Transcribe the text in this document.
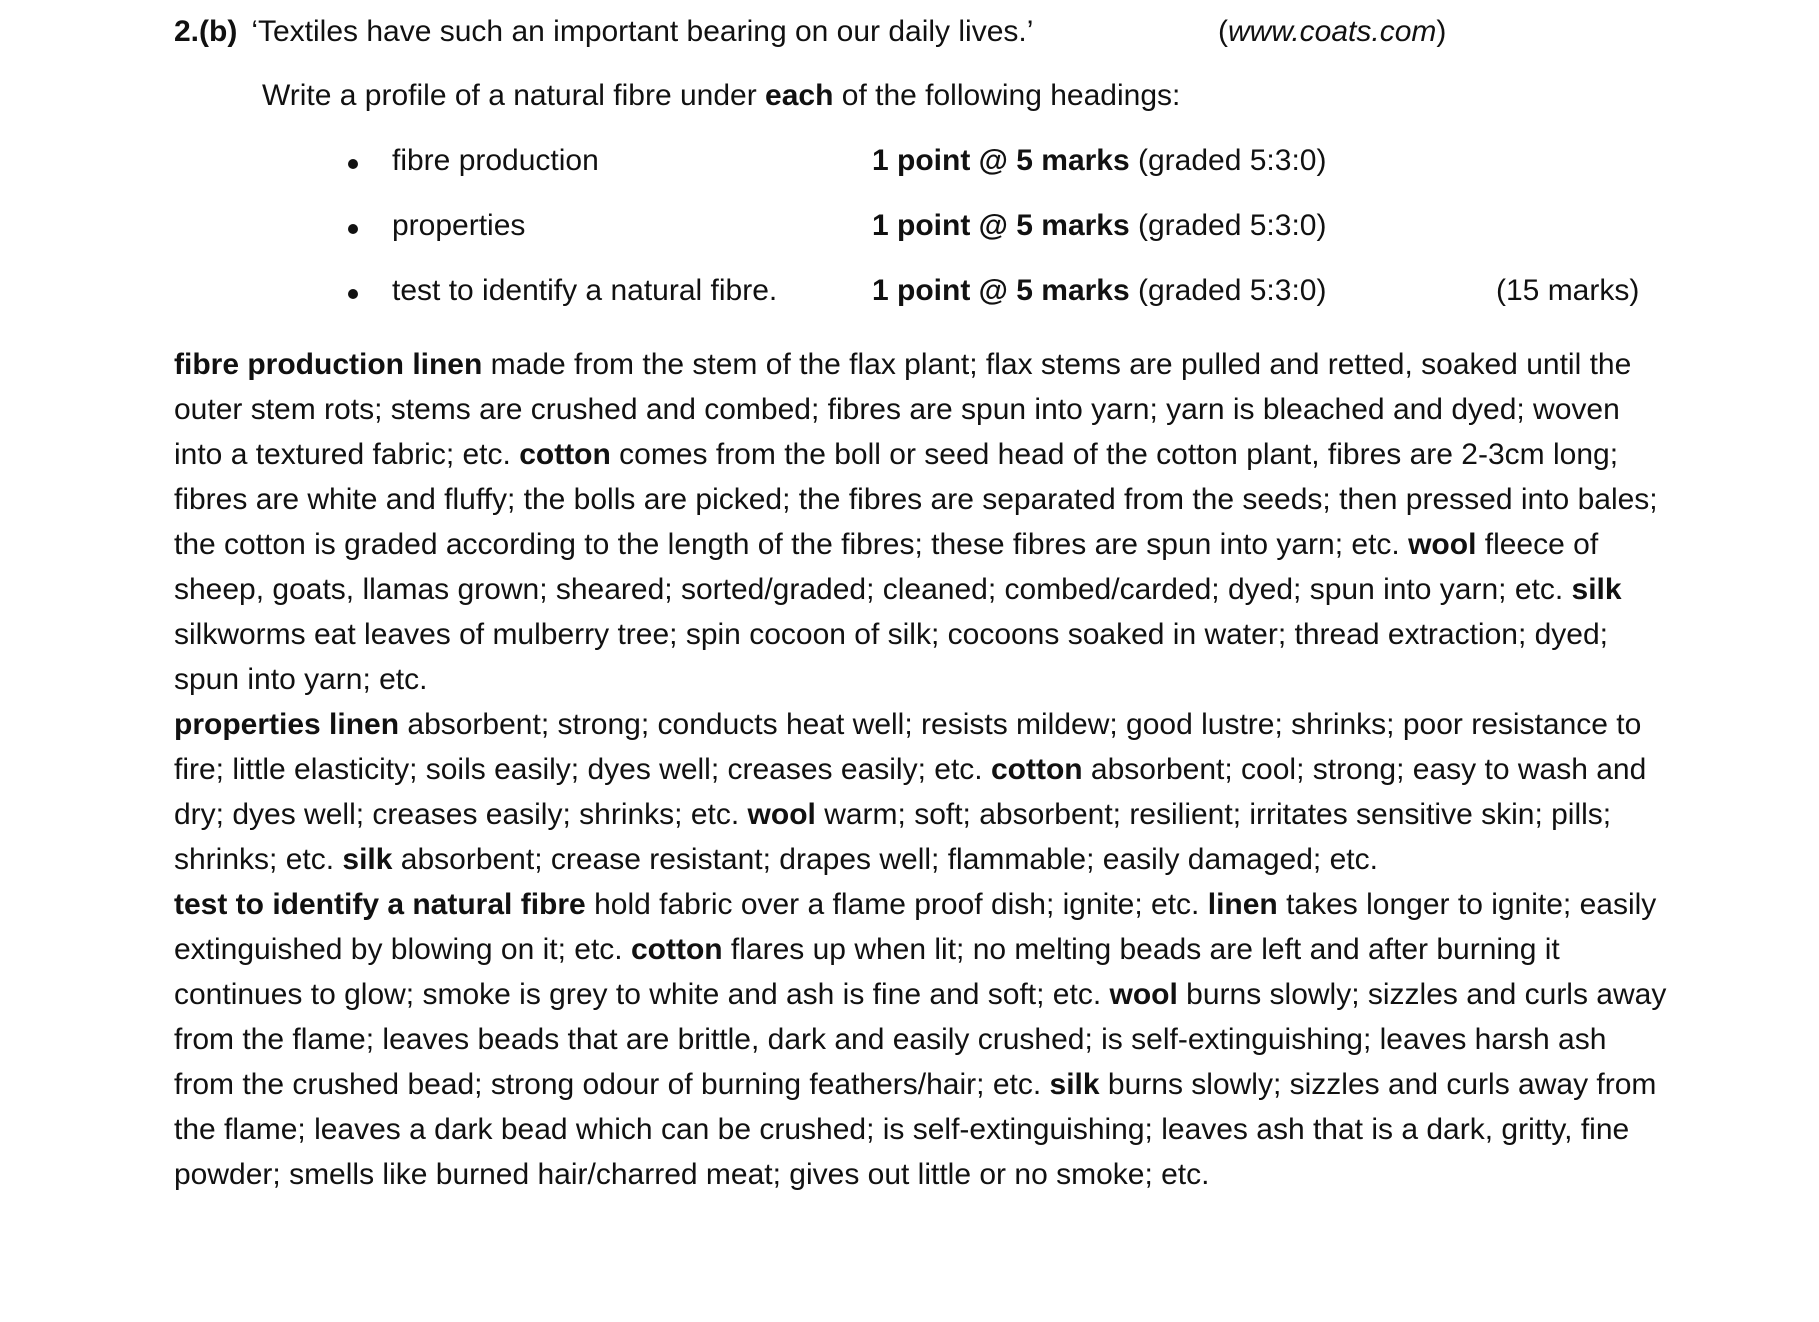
2.(b) ‘Textiles have such an important bearing on our daily lives.’	(www.coats.com)
Write a profile of a natural fibre under each of the following headings:
fibre production	1 point @ 5 marks (graded 5:3:0)
properties	1 point @ 5 marks (graded 5:3:0)
test to identify a natural fibre.	1 point @ 5 marks (graded 5:3:0)	(15 marks)

fibre production linen made from the stem of the flax plant; flax stems are pulled and retted, soaked until the outer stem rots; stems are crushed and combed; fibres are spun into yarn; yarn is bleached and dyed; woven into a textured fabric; etc. cotton comes from the boll or seed head of the cotton plant, fibres are 2-3cm long; fibres are white and fluffy; the bolls are picked; the fibres are separated from the seeds; then pressed into bales; the cotton is graded according to the length of the fibres; these fibres are spun into yarn; etc. wool fleece of sheep, goats, llamas grown; sheared; sorted/graded; cleaned; combed/carded; dyed; spun into yarn; etc. silk silkworms eat leaves of mulberry tree; spin cocoon of silk; cocoons soaked in water; thread extraction; dyed; spun into yarn; etc.

properties linen absorbent; strong; conducts heat well; resists mildew; good lustre; shrinks; poor resistance to fire; little elasticity; soils easily; dyes well; creases easily; etc. cotton absorbent; cool; strong; easy to wash and dry; dyes well; creases easily; shrinks; etc. wool warm; soft; absorbent; resilient; irritates sensitive skin; pills; shrinks; etc. silk absorbent; crease resistant; drapes well; flammable; easily damaged; etc.

test to identify a natural fibre hold fabric over a flame proof dish; ignite; etc. linen takes longer to ignite; easily extinguished by blowing on it; etc. cotton flares up when lit; no melting beads are left and after burning it continues to glow; smoke is grey to white and ash is fine and soft; etc. wool burns slowly; sizzles and curls away from the flame; leaves beads that are brittle, dark and easily crushed; is self-extinguishing; leaves harsh ash from the crushed bead; strong odour of burning feathers/hair; etc. silk burns slowly; sizzles and curls away from the flame; leaves a dark bead which can be crushed; is self-extinguishing; leaves ash that is a dark, gritty, fine powder; smells like burned hair/charred meat; gives out little or no smoke; etc.
